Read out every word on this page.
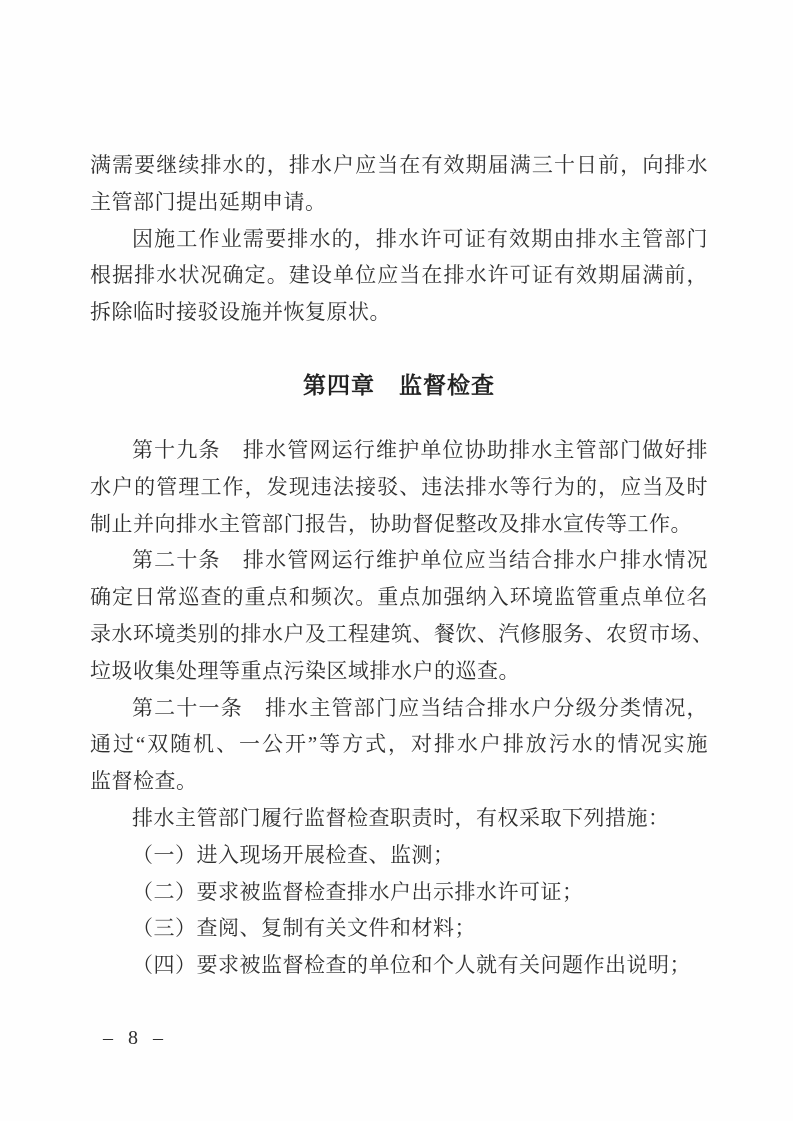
满需要继续排水的，排水户应当在有效期届满三十日前，向排水
主管部门提出延期申请。
因施工作业需要排水的，排水许可证有效期由排水主管部门
根据排水状况确定。建设单位应当在排水许可证有效期届满前，
拆除临时接驳设施并恢复原状。
第四章　监督检查
第十九条　排水管网运行维护单位协助排水主管部门做好排
水户的管理工作，发现违法接驳、违法排水等行为的，应当及时
制止并向排水主管部门报告，协助督促整改及排水宣传等工作。
第二十条　排水管网运行维护单位应当结合排水户排水情况
确定日常巡查的重点和频次。重点加强纳入环境监管重点单位名
录水环境类别的排水户及工程建筑、餐饮、汽修服务、农贸市场、
垃圾收集处理等重点污染区域排水户的巡查。
第二十一条　排水主管部门应当结合排水户分级分类情况，
通过“双随机、一公开”等方式，对排水户排放污水的情况实施
监督检查。
排水主管部门履行监督检查职责时，有权采取下列措施：
（一）进入现场开展检查、监测；
（二）要求被监督检查排水户出示排水许可证；
（三）查阅、复制有关文件和材料；
（四）要求被监督检查的单位和个人就有关问题作出说明；
– 8 –
